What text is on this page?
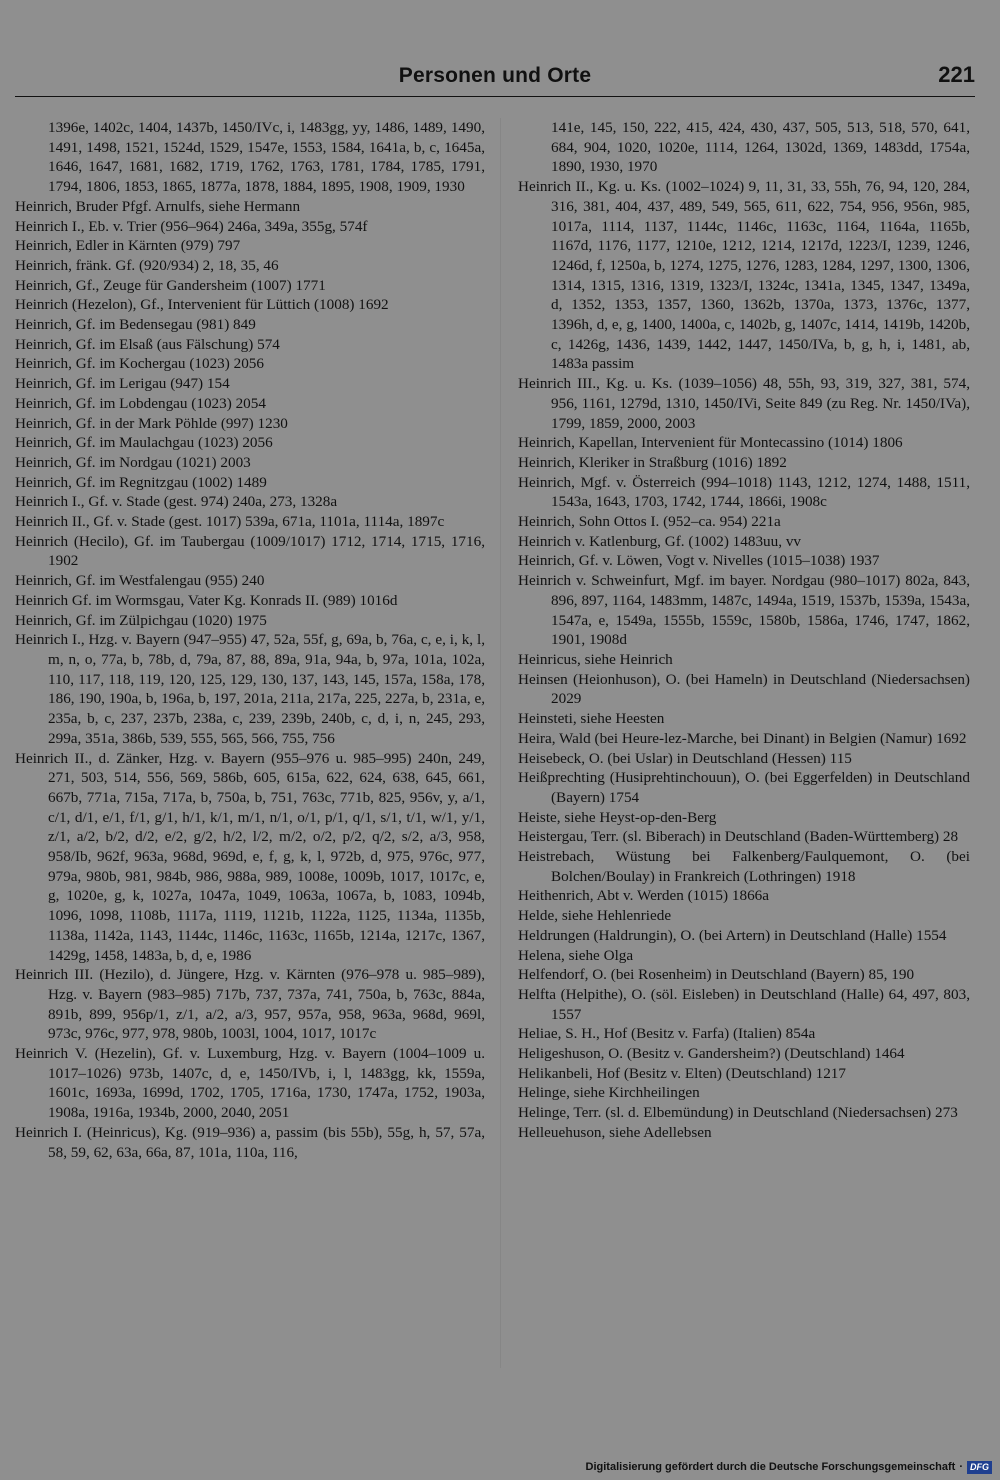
Personen und Orte	221

1396e, 1402c, 1404, 1437b, 1450/IVc, i, 1483gg, yy, 1486, 1489, 1490, 1491, 1498, 1521, 1524d, 1529, 1547e, 1553, 1584, 1641a, b, c, 1645a, 1646, 1647, 1681, 1682, 1719, 1762, 1763, 1781, 1784, 1785, 1791, 1794, 1806, 1853, 1865, 1877a, 1878, 1884, 1895, 1908, 1909, 1930

Heinrich, Bruder Pfgf. Arnulfs, siehe Hermann

Heinrich I., Eb. v. Trier (956–964) 246a, 349a, 355g, 574f

Heinrich, Edler in Kärnten (979) 797

Heinrich, fränk. Gf. (920/934) 2, 18, 35, 46

Heinrich, Gf., Zeuge für Gandersheim (1007) 1771

Heinrich (Hezelon), Gf., Intervenient für Lüttich (1008) 1692

Heinrich, Gf. im Bedensegau (981) 849

Heinrich, Gf. im Elsaß (aus Fälschung) 574

Heinrich, Gf. im Kochergau (1023) 2056

Heinrich, Gf. im Lerigau (947) 154

Heinrich, Gf. im Lobdengau (1023) 2054

Heinrich, Gf. in der Mark Pöhlde (997) 1230

Heinrich, Gf. im Maulachgau (1023) 2056

Heinrich, Gf. im Nordgau (1021) 2003

Heinrich, Gf. im Regnitzgau (1002) 1489

Heinrich I., Gf. v. Stade (gest. 974) 240a, 273, 1328a

Heinrich II., Gf. v. Stade (gest. 1017) 539a, 671a, 1101a, 1114a, 1897c

Heinrich (Hecilo), Gf. im Taubergau (1009/1017) 1712, 1714, 1715, 1716, 1902

Heinrich, Gf. im Westfalengau (955) 240

Heinrich Gf. im Wormsgau, Vater Kg. Konrads II. (989) 1016d

Heinrich, Gf. im Zülpichgau (1020) 1975

Heinrich I., Hzg. v. Bayern (947–955) 47, 52a, 55f, g, 69a, b, 76a, c, e, i, k, l, m, n, o, 77a, b, 78b, d, 79a, 87, 88, 89a, 91a, 94a, b, 97a, 101a, 102a, 110, 117, 118, 119, 120, 125, 129, 130, 137, 143, 145, 157a, 158a, 178, 186, 190, 190a, b, 196a, b, 197, 201a, 211a, 217a, 225, 227a, b, 231a, e, 235a, b, c, 237, 237b, 238a, c, 239, 239b, 240b, c, d, i, n, 245, 293, 299a, 351a, 386b, 539, 555, 565, 566, 755, 756

Heinrich II., d. Zänker, Hzg. v. Bayern (955–976 u. 985–995) 240n, 249, 271, 503, 514, 556, 569, 586b, 605, 615a, 622, 624, 638, 645, 661, 667b, 771a, 715a, 717a, b, 750a, b, 751, 763c, 771b, 825, 956v, y, a/1, c/1, d/1, e/1, f/1, g/1, h/1, k/1, m/1, n/1, o/1, p/1, q/1, s/1, t/1, w/1, y/1, z/1, a/2, b/2, d/2, e/2, g/2, h/2, l/2, m/2, o/2, p/2, q/2, s/2, a/3, 958, 958/Ib, 962f, 963a, 968d, 969d, e, f, g, k, l, 972b, d, 975, 976c, 977, 979a, 980b, 981, 984b, 986, 988a, 989, 1008e, 1009b, 1017, 1017c, e, g, 1020e, g, k, 1027a, 1047a, 1049, 1063a, 1067a, b, 1083, 1094b, 1096, 1098, 1108b, 1117a, 1119, 1121b, 1122a, 1125, 1134a, 1135b, 1138a, 1142a, 1143, 1144c, 1146c, 1163c, 1165b, 1214a, 1217c, 1367, 1429g, 1458, 1483a, b, d, e, 1986

Heinrich III. (Hezilo), d. Jüngere, Hzg. v. Kärnten (976–978 u. 985–989), Hzg. v. Bayern (983–985) 717b, 737, 737a, 741, 750a, b, 763c, 884a, 891b, 899, 956p/1, z/1, a/2, a/3, 957, 957a, 958, 963a, 968d, 969l, 973c, 976c, 977, 978, 980b, 1003l, 1004, 1017, 1017c

Heinrich V. (Hezelin), Gf. v. Luxemburg, Hzg. v. Bayern (1004–1009 u. 1017–1026) 973b, 1407c, d, e, 1450/IVb, i, l, 1483gg, kk, 1559a, 1601c, 1693a, 1699d, 1702, 1705, 1716a, 1730, 1747a, 1752, 1903a, 1908a, 1916a, 1934b, 2000, 2040, 2051

Heinrich I. (Heinricus), Kg. (919–936) a, passim (bis 55b), 55g, h, 57, 57a, 58, 59, 62, 63a, 66a, 87, 101a, 110a, 116,

141e, 145, 150, 222, 415, 424, 430, 437, 505, 513, 518, 570, 641, 684, 904, 1020, 1020e, 1114, 1264, 1302d, 1369, 1483dd, 1754a, 1890, 1930, 1970

Heinrich II., Kg. u. Ks. (1002–1024) 9, 11, 31, 33, 55h, 76, 94, 120, 284, 316, 381, 404, 437, 489, 549, 565, 611, 622, 754, 956, 956n, 985, 1017a, 1114, 1137, 1144c, 1146c, 1163c, 1164, 1164a, 1165b, 1167d, 1176, 1177, 1210e, 1212, 1214, 1217d, 1223/I, 1239, 1246, 1246d, f, 1250a, b, 1274, 1275, 1276, 1283, 1284, 1297, 1300, 1306, 1314, 1315, 1316, 1319, 1323/I, 1324c, 1341a, 1345, 1347, 1349a, d, 1352, 1353, 1357, 1360, 1362b, 1370a, 1373, 1376c, 1377, 1396h, d, e, g, 1400, 1400a, c, 1402b, g, 1407c, 1414, 1419b, 1420b, c, 1426g, 1436, 1439, 1442, 1447, 1450/IVa, b, g, h, i, 1481, ab, 1483a passim

Heinrich III., Kg. u. Ks. (1039–1056) 48, 55h, 93, 319, 327, 381, 574, 956, 1161, 1279d, 1310, 1450/IVi, Seite 849 (zu Reg. Nr. 1450/IVa), 1799, 1859, 2000, 2003

Heinrich, Kapellan, Intervenient für Montecassino (1014) 1806

Heinrich, Kleriker in Straßburg (1016) 1892

Heinrich, Mgf. v. Österreich (994–1018) 1143, 1212, 1274, 1488, 1511, 1543a, 1643, 1703, 1742, 1744, 1866i, 1908c

Heinrich, Sohn Ottos I. (952–ca. 954) 221a

Heinrich v. Katlenburg, Gf. (1002) 1483uu, vv

Heinrich, Gf. v. Löwen, Vogt v. Nivelles (1015–1038) 1937

Heinrich v. Schweinfurt, Mgf. im bayer. Nordgau (980–1017) 802a, 843, 896, 897, 1164, 1483mm, 1487c, 1494a, 1519, 1537b, 1539a, 1543a, 1547a, e, 1549a, 1555b, 1559c, 1580b, 1586a, 1746, 1747, 1862, 1901, 1908d

Heinricus, siehe Heinrich

Heinsen (Heionhuson), O. (bei Hameln) in Deutschland (Niedersachsen) 2029

Heinsteti, siehe Heesten

Heira, Wald (bei Heure-lez-Marche, bei Dinant) in Belgien (Namur) 1692

Heisebeck, O. (bei Uslar) in Deutschland (Hessen) 115

Heißprechting (Husiprehtinchouun), O. (bei Eggerfelden) in Deutschland (Bayern) 1754

Heiste, siehe Heyst-op-den-Berg

Heistergau, Terr. (sl. Biberach) in Deutschland (Baden-Württemberg) 28

Heistrebach, Wüstung bei Falkenberg/Faulquemont, O. (bei Bolchen/Boulay) in Frankreich (Lothringen) 1918

Heithenrich, Abt v. Werden (1015) 1866a

Helde, siehe Hehlenriede

Heldrungen (Haldrungin), O. (bei Artern) in Deutschland (Halle) 1554

Helena, siehe Olga

Helfendorf, O. (bei Rosenheim) in Deutschland (Bayern) 85, 190

Helfta (Helpithe), O. (söl. Eisleben) in Deutschland (Halle) 64, 497, 803, 1557

Heliae, S. H., Hof (Besitz v. Farfa) (Italien) 854a

Heligeshuson, O. (Besitz v. Gandersheim?) (Deutschland) 1464

Helikanbeli, Hof (Besitz v. Elten) (Deutschland) 1217

Helinge, siehe Kirchheilingen

Helinge, Terr. (sl. d. Elbemündung) in Deutschland (Niedersachsen) 273

Helleuehuson, siehe Adellebsen

Digitalisierung gefördert durch die Deutsche Forschungsgemeinschaft · DFG
